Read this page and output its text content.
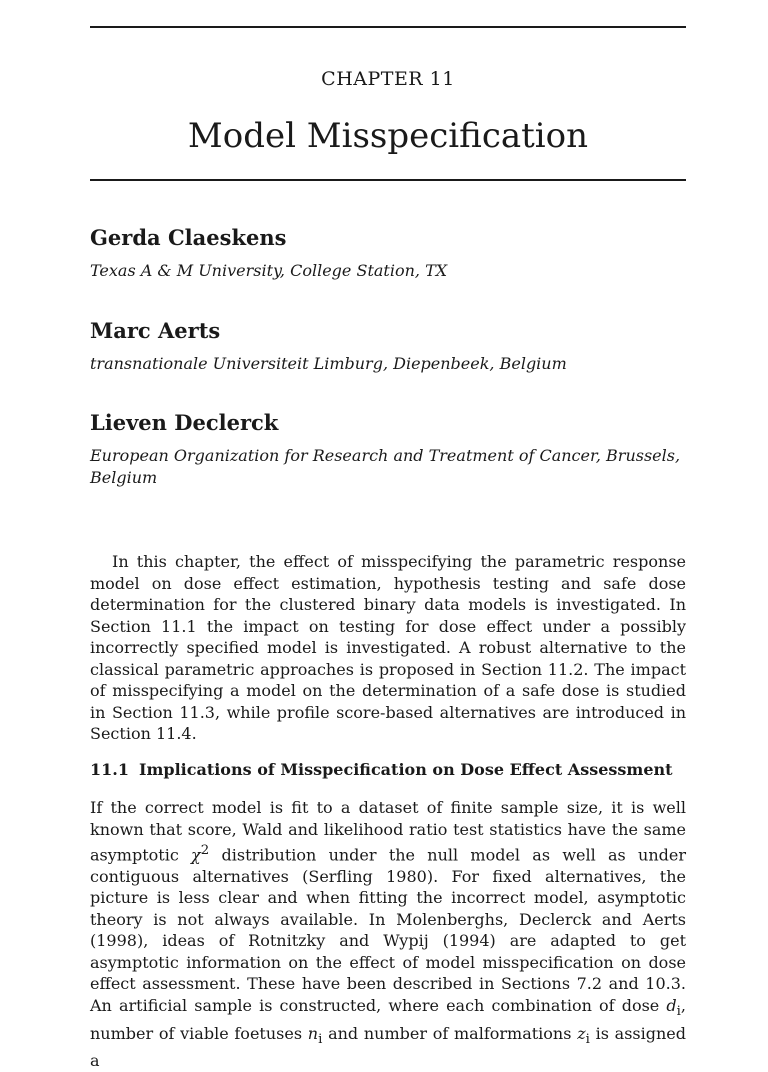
CHAPTER 11
Model Misspecification

Gerda Claeskens

Texas A & M University, College Station, TX

Marc Aerts

transnationale Universiteit Limburg, Diepenbeek, Belgium

Lieven Declerck

European Organization for Research and Treatment of Cancer, Brussels, Belgium

In this chapter, the effect of misspecifying the parametric response model on dose effect estimation, hypothesis testing and safe dose determination for the clustered binary data models is investigated. In Section 11.1 the impact on testing for dose effect under a possibly incorrectly specified model is investigated. A robust alternative to the classical parametric approaches is proposed in Section 11.2. The impact of misspecifying a model on the determination of a safe dose is studied in Section 11.3, while profile score-based alternatives are introduced in Section 11.4.

11.1 Implications of Misspecification on Dose Effect Assessment

If the correct model is fit to a dataset of finite sample size, it is well known that score, Wald and likelihood ratio test statistics have the same asymptotic $\chi^2$ distribution under the null model as well as under contiguous alternatives (Serfling 1980). For fixed alternatives, the picture is less clear and when fitting the incorrect model, asymptotic theory is not always available. In Molenberghs, Declerck and Aerts (1998), ideas of Rotnitzky and Wypij (1994) are adapted to get asymptotic information on the effect of model misspecification on dose effect assessment. These have been described in Sections 7.2 and 10.3. An artificial sample is constructed, where each combination of dose $d_i$, number of viable foetuses $n_i$ and number of malformations $z_i$ is assigned a
